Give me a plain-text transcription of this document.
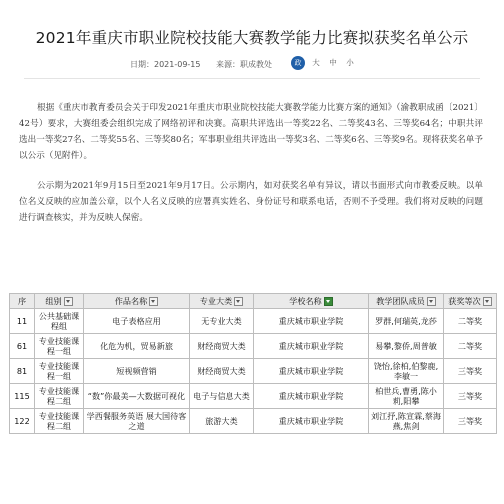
2021年重庆市职业院校技能大赛教学能力比赛拟获奖名单公示
日期：2021-09-15 来源：职成教处	政	大	中	小

根据《重庆市教育委员会关于印发2021年重庆市职业院校技能大赛教学能力比赛方案的通知》（渝教职成函〔2021〕42号）要求，大赛组委会组织完成了网络初评和决赛。高职共评选出一等奖22名、二等奖43名、三等奖64名；中职共评选出一等奖27名、二等奖55名、三等奖80名；军事职业组共评选出一等奖3名、二等奖6名、三等奖9名。现将获奖名单予以公示（见附件）。

公示期为2021年9月15日至2021年9月17日。公示期内，如对获奖名单有异议，请以书面形式向市教委反映。以单位名义反映的应加盖公章，以个人名义反映的应署真实姓名、身份证号和联系电话，否则不予受理。我们将对反映的问题进行调查核实，并为反映人保密。

序	组别	作品名称	专业大类	学校名称	教学团队成员	获奖等次
11	公共基础课程组	电子表格应用	无专业大类	重庆城市职业学院	罗群,何瑞英,龙莎	二等奖
61	专业技能课程一组	化危为机，贸易新旅	财经商贸大类	重庆城市职业学院	易攀,黎侨,周普敏	二等奖
81	专业技能课程一组	短视频营销	财经商贸大类	重庆城市职业学院	饶怡,徐柏,伯黎鹿,李敏一	三等奖
115	专业技能课程二组	“数”你最美—大数据可视化	电子与信息大类	重庆城市职业学院	柏世兵,曹勇,陈小莉,阳攀	三等奖
122	专业技能课程二组	学西餐服务英语 展大国待客之道	旅游大类	重庆城市职业学院	刘江抒,陈宣霖,蔡海燕,焦剑	三等奖
